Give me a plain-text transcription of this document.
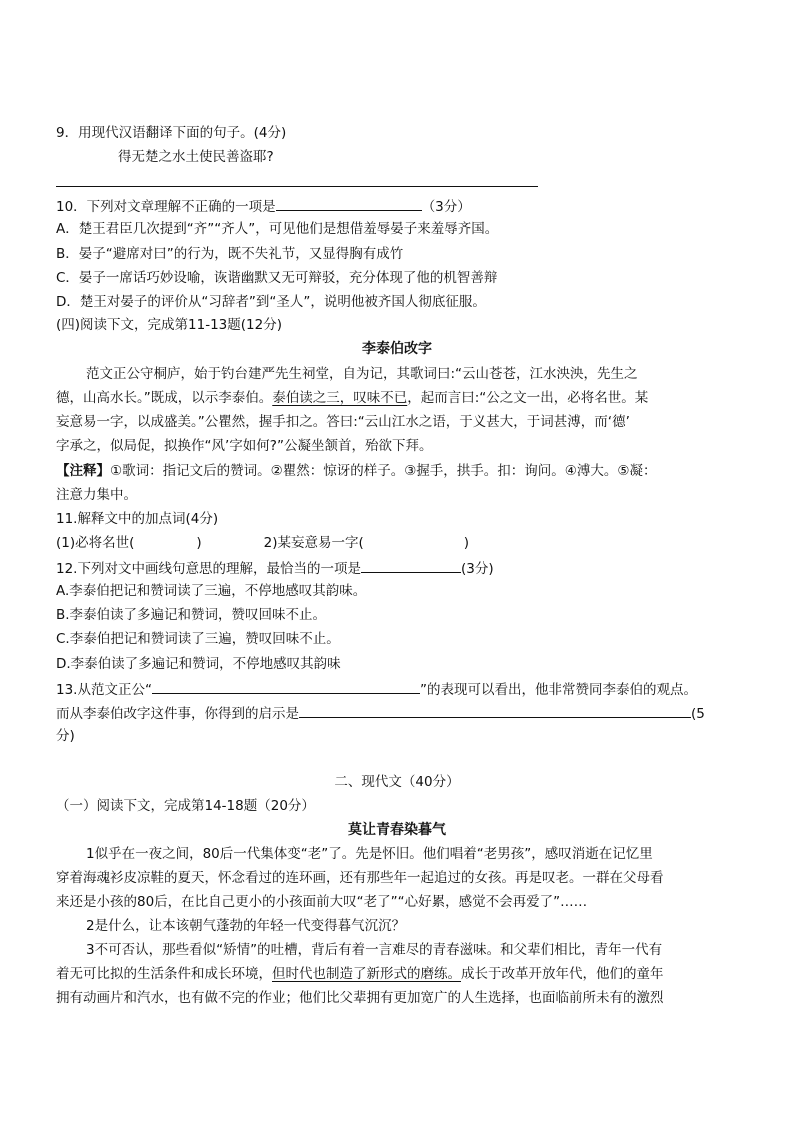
9．用现代汉语翻译下面的句子。(4分)
得无楚之水土使民善盗耶?
10．下列对文章理解不正确的一项是	（3分）
A．楚王君臣几次提到“齐”“齐人”，可见他们是想借羞辱晏子来羞辱齐国。
B．晏子“避席对曰”的行为，既不失礼节，又显得胸有成竹
C．晏子一席话巧妙设喻，诙谐幽默又无可辩驳，充分体现了他的机智善辩
D．楚王对晏子的评价从“习辞者”到“圣人”，说明他被齐国人彻底征服。
(四)阅读下文，完成第11-13题(12分)
李泰伯改字
范文正公守桐庐，始于钓台建严先生祠堂，自为记，其歌词曰:“云山苍苍，江水泱泱，先生之
德，山高水长。”既成，以示李泰伯。泰伯读之三，叹味不已，起而言曰:“公之文一出，必将名世。某
妄意易一字，以成盛美。”公瞿然，握手扣之。答曰:“云山江水之语，于义甚大，于词甚溥，而‘德’
字承之，似局促，拟换作“风’字如何?”公凝坐颔首，殆欲下拜。
【注释】①歌词：指记文后的赞词。②瞿然：惊讶的样子。③握手，拱手。扣：询问。④溥大。⑤凝：
注意力集中。
11.解释文中的加点词(4分)
(1)必将名世(	)	2)某妄意易一字(	)
12.下列对文中画线句意思的理解，最恰当的一项是	(3分)
A.李泰伯把记和赞词读了三遍，不停地感叹其韵味。
B.李泰伯读了多遍记和赞词，赞叹回味不止。
C.李泰伯把记和赞词读了三遍，赞叹回味不止。
D.李泰伯读了多遍记和赞词，不停地感叹其韵味
13.从范文正公“	”的表现可以看出，他非常赞同李泰伯的观点。
而从李泰伯改字这件事，你得到的启示是	(5
分)
二、现代文（40分）
（一）阅读下文，完成第14-18题（20分）
莫让青春染暮气
1似乎在一夜之间，80后一代集体变“老”了。先是怀旧。他们唱着“老男孩”，感叹消逝在记忆里
穿着海魂衫皮凉鞋的夏天，怀念看过的连环画，还有那些年一起追过的女孩。再是叹老。一群在父母看
来还是小孩的80后，在比自己更小的小孩面前大叹“老了”“心好累，感觉不会再爱了”……
2是什么，让本该朝气蓬勃的年轻一代变得暮气沉沉？
3不可否认，那些看似“矫情”的吐槽，背后有着一言难尽的青春滋味。和父辈们相比，青年一代有
着无可比拟的生活条件和成长环境，但时代也制造了新形式的磨练。成长于改革开放年代，他们的童年
拥有动画片和汽水，也有做不完的作业；他们比父辈拥有更加宽广的人生选择，也面临前所未有的激烈
